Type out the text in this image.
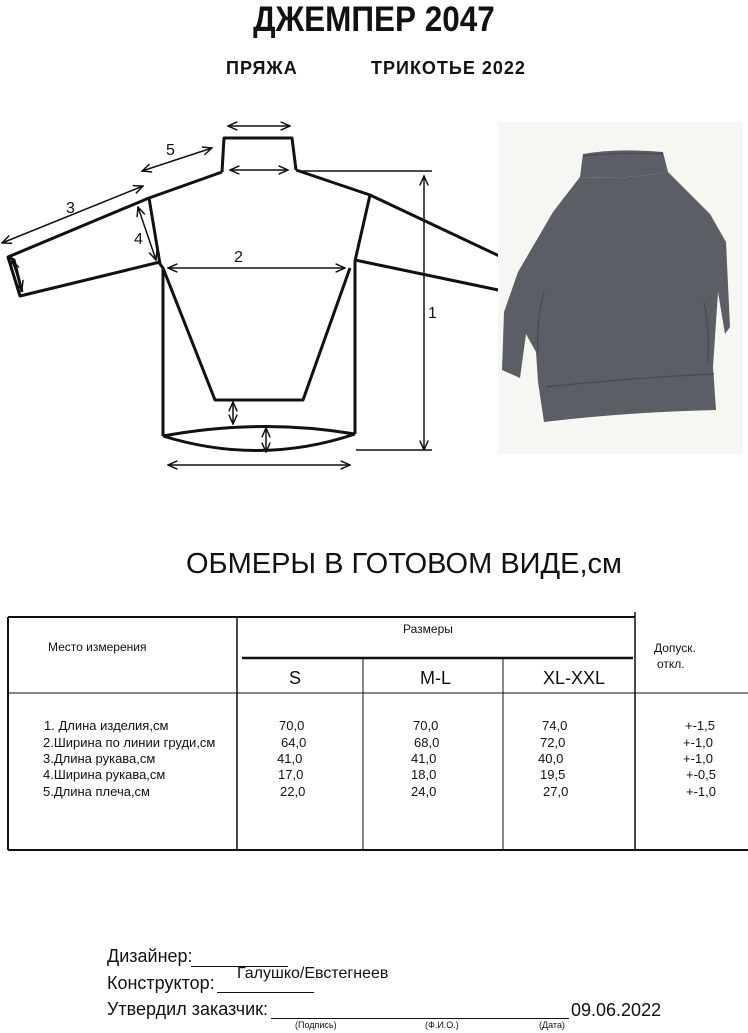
ДЖЕМПЕР 2047
ПРЯЖА	ТРИКОТЬЕ 2022
1
2
3
4
5
ОБМЕРЫ В ГОТОВОМ ВИДЕ,см
Место измерения
Размеры
Допуск.
откл.
S	M-L	XL-XXL
1. Длина изделия,см	70,0	70,0	74,0	+-1,5
2.Ширина по линии груди,см	64,0	68,0	72,0	+-1,0
3.Длина рукава,см	41,0	41,0	40,0	+-1,0
4.Ширина рукава,см	17,0	18,0	19,5	+-0,5
5.Длина плеча,см	22,0	24,0	27,0	+-1,0
Дизайнер:
Конструктор: Галушко/Евстегнеев
Утвердил заказчик:	09.06.2022
(Подпись)	(Ф.И.О.)	(Дата)
